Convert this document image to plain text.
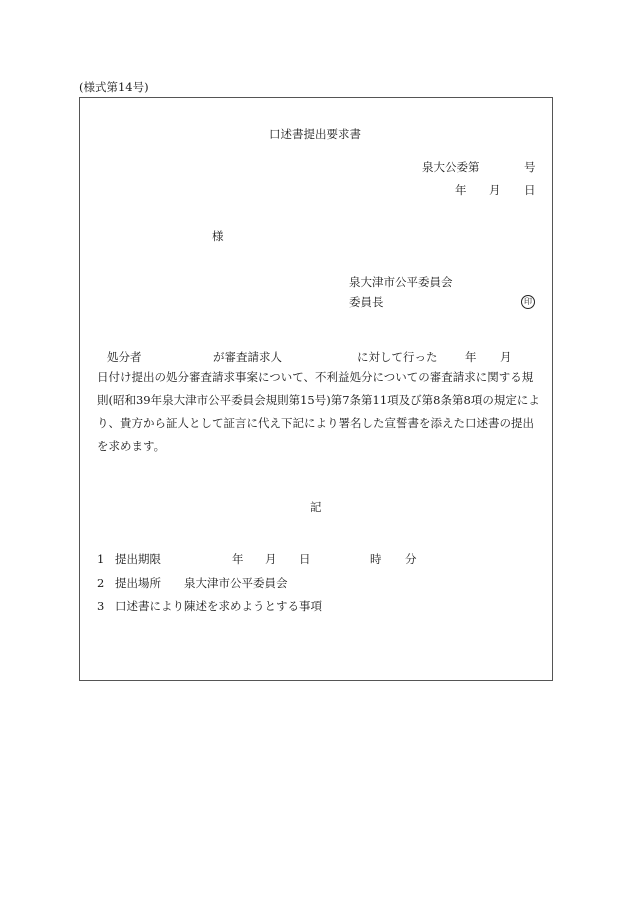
(様式第14号)
口述書提出要求書
泉大公委第	号
年 月 日
様
泉大津市公平委員会
委員長	印
処分者	が審査請求人	に対して行った 年 月
日付け提出の処分審査請求事案について、不利益処分についての審査請求に関する規
則(昭和39年泉大津市公平委員会規則第15号)第7条第11項及び第8条第8項の規定によ
り、貴方から証人として証言に代え下記により署名した宣誓書を添えた口述書の提出
を求めます。
記
1 提出期限	年 月 日	時 分
2 提出場所 泉大津市公平委員会
3 口述書により陳述を求めようとする事項
